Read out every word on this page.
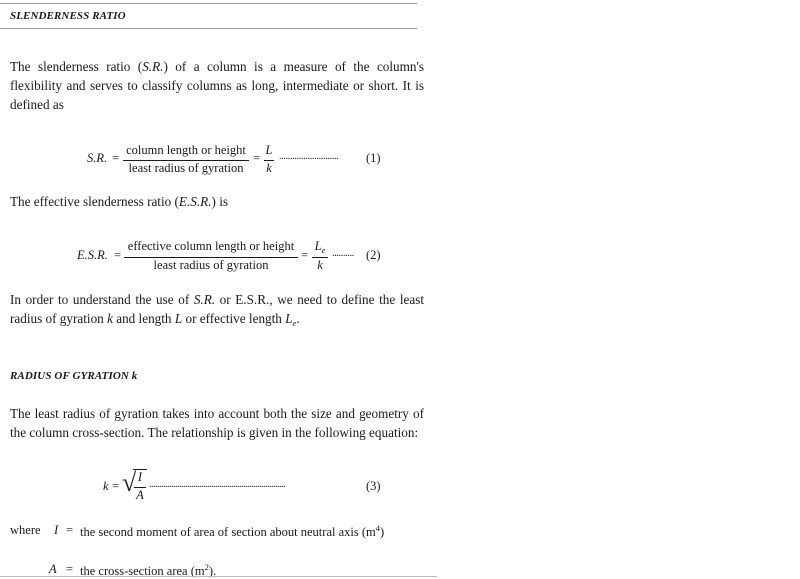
SLENDERNESS RATIO
The slenderness ratio (S.R.) of a column is a measure of the column's flexibility and serves to classify columns as long, intermediate or short. It is defined as
S.R. =
column length or height
least radius of gyration
=
L
k
........................... (1)
The effective slenderness ratio (E.S.R.) is
E.S.R. =
effective column length or height
least radius of gyration
=
$L_e$
k
.......... (2)
In order to understand the use of S.R. or E.S.R., we need to define the least radius of gyration k and length L or effective length $L_e$.
RADIUS OF GYRATION k
The least radius of gyration takes into account both the size and geometry of the column cross-section. The relationship is given in the following equation:
k = √ I
A
....................................................................	(3)
where I = the second moment of area of section about neutral axis $(m^4)$
A = the cross-section area $(m^2)$.
